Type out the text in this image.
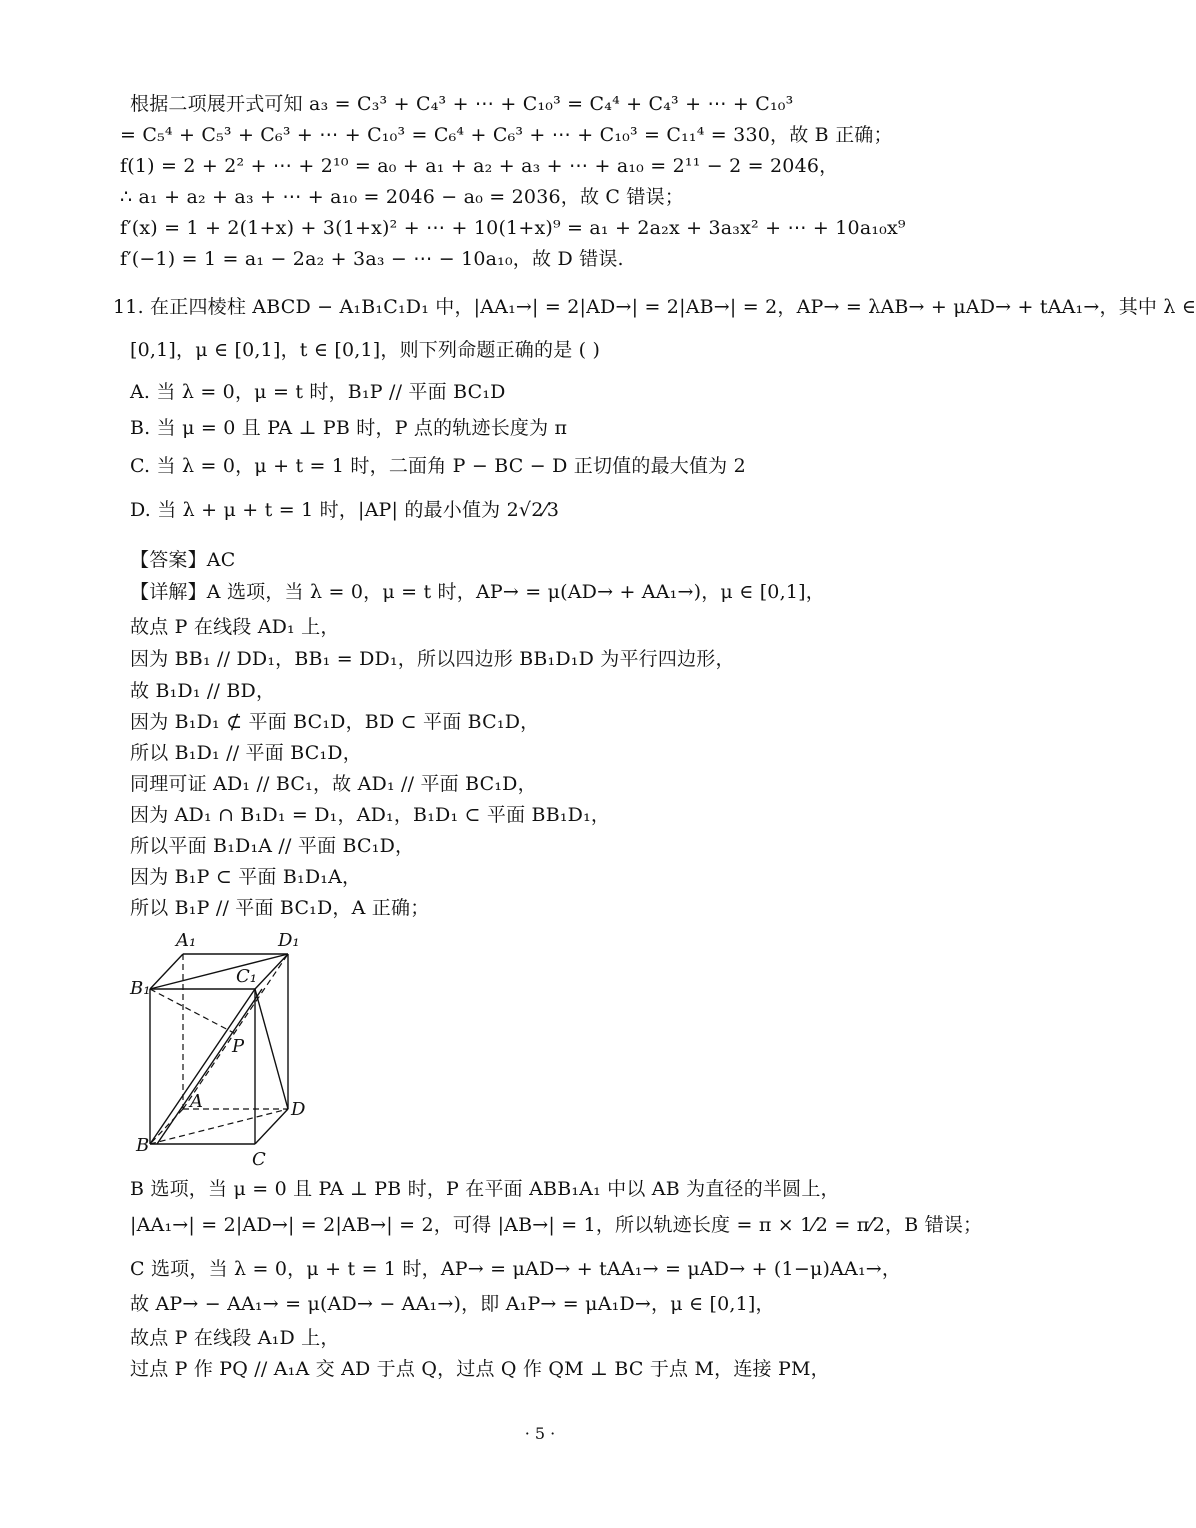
根据二项展开式可知 a₃ = C₃³ + C₄³ + ⋯ + C₁₀³ = C₄⁴ + C₄³ + ⋯ + C₁₀³
= C₅⁴ + C₅³ + C₆³ + ⋯ + C₁₀³ = C₆⁴ + C₆³ + ⋯ + C₁₀³ = C₁₁⁴ = 330，故 B 正确；
f(1) = 2 + 2² + ⋯ + 2¹⁰ = a₀ + a₁ + a₂ + a₃ + ⋯ + a₁₀ = 2¹¹ − 2 = 2046，
∴ a₁ + a₂ + a₃ + ⋯ + a₁₀ = 2046 − a₀ = 2036，故 C 错误；
f′(x) = 1 + 2(1+x) + 3(1+x)² + ⋯ + 10(1+x)⁹ = a₁ + 2a₂x + 3a₃x² + ⋯ + 10a₁₀x⁹
f′(−1) = 1 = a₁ − 2a₂ + 3a₃ − ⋯ − 10a₁₀，故 D 错误.
11. 在正四棱柱 ABCD − A₁B₁C₁D₁ 中，|AA₁→| = 2|AD→| = 2|AB→| = 2，AP→ = λAB→ + μAD→ + tAA₁→，其中 λ ∈
[0,1]，μ ∈ [0,1]，t ∈ [0,1]，则下列命题正确的是 ( )
A. 当 λ = 0，μ = t 时，B₁P // 平面 BC₁D
B. 当 μ = 0 且 PA ⊥ PB 时，P 点的轨迹长度为 π
C. 当 λ = 0，μ + t = 1 时，二面角 P − BC − D 正切值的最大值为 2
D. 当 λ + μ + t = 1 时，|AP| 的最小值为 2√2⁄3
【答案】AC
【详解】A 选项，当 λ = 0，μ = t 时，AP→ = μ(AD→ + AA₁→)，μ ∈ [0,1]，
故点 P 在线段 AD₁ 上，
因为 BB₁ // DD₁，BB₁ = DD₁，所以四边形 BB₁D₁D 为平行四边形，
故 B₁D₁ // BD，
因为 B₁D₁ ⊄ 平面 BC₁D，BD ⊂ 平面 BC₁D，
所以 B₁D₁ // 平面 BC₁D，
同理可证 AD₁ // BC₁，故 AD₁ // 平面 BC₁D，
因为 AD₁ ∩ B₁D₁ = D₁，AD₁，B₁D₁ ⊂ 平面 BB₁D₁，
所以平面 B₁D₁A // 平面 BC₁D，
因为 B₁P ⊂ 平面 B₁D₁A，
所以 B₁P // 平面 BC₁D，A 正确；
A₁	D₁
B₁
C₁
P
A	D
B
C
B 选项，当 μ = 0 且 PA ⊥ PB 时，P 在平面 ABB₁A₁ 中以 AB 为直径的半圆上，
|AA₁→| = 2|AD→| = 2|AB→| = 2，可得 |AB→| = 1，所以轨迹长度 = π × 1⁄2 = π⁄2，B 错误；
C 选项，当 λ = 0，μ + t = 1 时，AP→ = μAD→ + tAA₁→ = μAD→ + (1−μ)AA₁→，
故 AP→ − AA₁→ = μ(AD→ − AA₁→)，即 A₁P→ = μA₁D→，μ ∈ [0,1]，
故点 P 在线段 A₁D 上，
过点 P 作 PQ // A₁A 交 AD 于点 Q，过点 Q 作 QM ⊥ BC 于点 M，连接 PM，
· 5 ·
